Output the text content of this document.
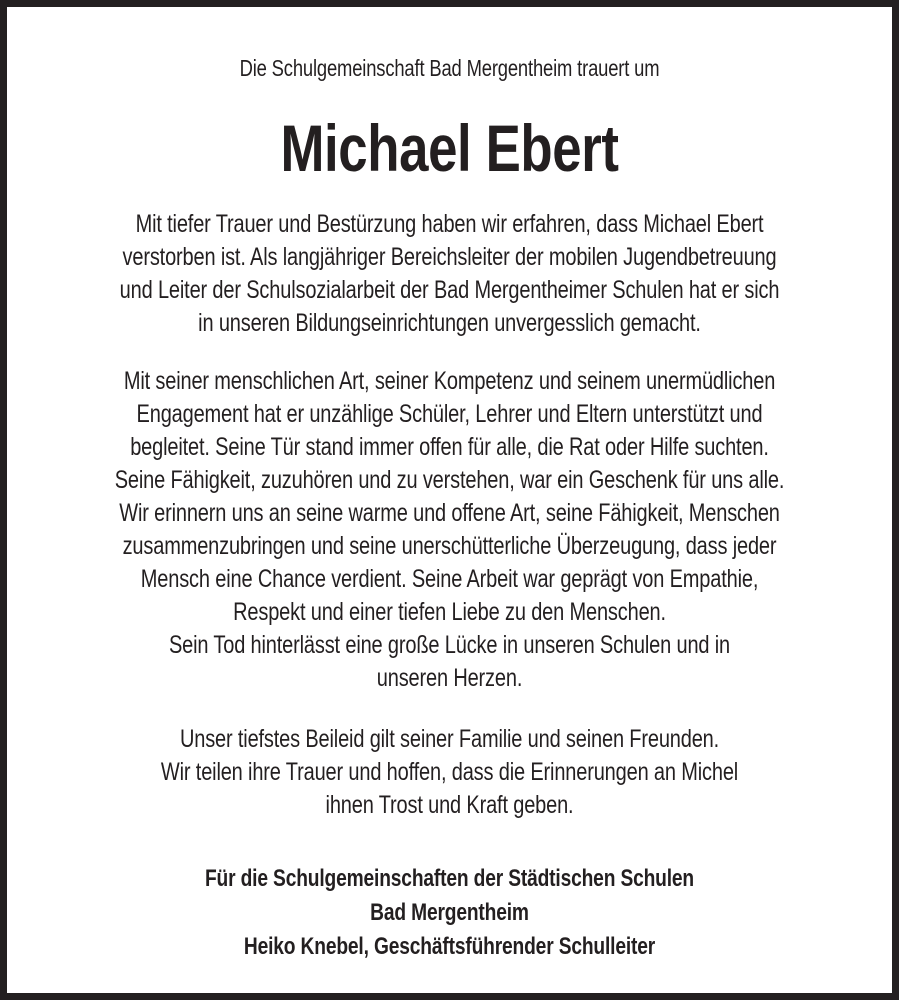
Die Schulgemeinschaft Bad Mergentheim trauert um
Michael Ebert
Mit tiefer Trauer und Bestürzung haben wir erfahren, dass Michael Ebert
verstorben ist. Als langjähriger Bereichsleiter der mobilen Jugendbetreuung
und Leiter der Schulsozialarbeit der Bad Mergentheimer Schulen hat er sich
in unseren Bildungseinrichtungen unvergesslich gemacht.
Mit seiner menschlichen Art, seiner Kompetenz und seinem unermüdlichen
Engagement hat er unzählige Schüler, Lehrer und Eltern unterstützt und
begleitet. Seine Tür stand immer offen für alle, die Rat oder Hilfe suchten.
Seine Fähigkeit, zuzuhören und zu verstehen, war ein Geschenk für uns alle.
Wir erinnern uns an seine warme und offene Art, seine Fähigkeit, Menschen
zusammenzubringen und seine unerschütterliche Überzeugung, dass jeder
Mensch eine Chance verdient. Seine Arbeit war geprägt von Empathie,
Respekt und einer tiefen Liebe zu den Menschen.
Sein Tod hinterlässt eine große Lücke in unseren Schulen und in
unseren Herzen.
Unser tiefstes Beileid gilt seiner Familie und seinen Freunden.
Wir teilen ihre Trauer und hoffen, dass die Erinnerungen an Michel
ihnen Trost und Kraft geben.
Für die Schulgemeinschaften der Städtischen Schulen
Bad Mergentheim
Heiko Knebel, Geschäftsführender Schulleiter
